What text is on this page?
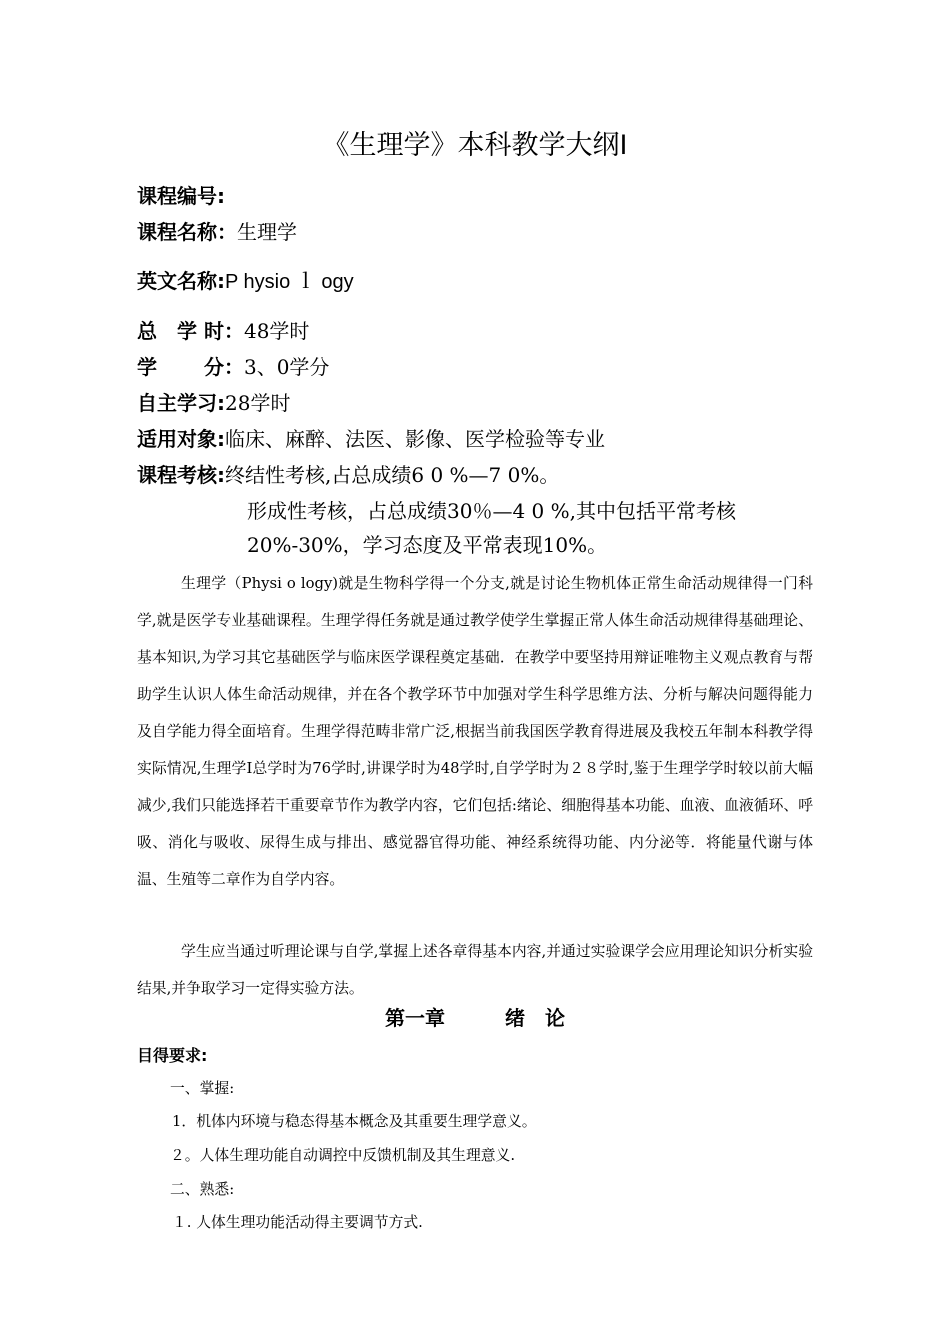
《生理学》本科教学大纲Ⅰ
课程编号:
课程名称：生理学
英文名称:P hysio ｌ ogy
总　学 时：48学时
学　　 分：3、0学分
自主学习:28学时
适用对象:临床、麻醉、法医、影像、医学检验等专业
课程考核:终结性考核,占总成绩6 0 %—7 0%。
形成性考核，占总成绩30％—4 0 %,其中包括平常考核
20%-30%，学习态度及平常表现10%。
生理学（Physi o logy)就是生物科学得一个分支,就是讨论生物机体正常生命活动规律得一门科学,就是医学专业基础课程。生理学得任务就是通过教学使学生掌握正常人体生命活动规律得基础理论、基本知识,为学习其它基础医学与临床医学课程奠定基础．在教学中要坚持用辩证唯物主义观点教育与帮助学生认识人体生命活动规律，并在各个教学环节中加强对学生科学思维方法、分析与解决问题得能力及自学能力得全面培育。生理学得范畴非常广泛,根据当前我国医学教育得进展及我校五年制本科教学得实际情况,生理学Ⅰ总学时为76学时,讲课学时为48学时,自学学时为２８学时,鉴于生理学学时较以前大幅减少,我们只能选择若干重要章节作为教学内容，它们包括:绪论、细胞得基本功能、血液、血液循环、呼吸、消化与吸收、尿得生成与排出、感觉器官得功能、神经系统得功能、内分泌等．将能量代谢与体温、生殖等二章作为自学内容。
学生应当通过听理论课与自学,掌握上述各章得基本内容,并通过实验课学会应用理论知识分析实验结果,并争取学习一定得实验方法。
第一章	绪　论
目得要求:
一、掌握:
1．机体内环境与稳态得基本概念及其重要生理学意义。
２。人体生理功能自动调控中反馈机制及其生理意义.
二、熟悉:
１. 人体生理功能活动得主要调节方式.
